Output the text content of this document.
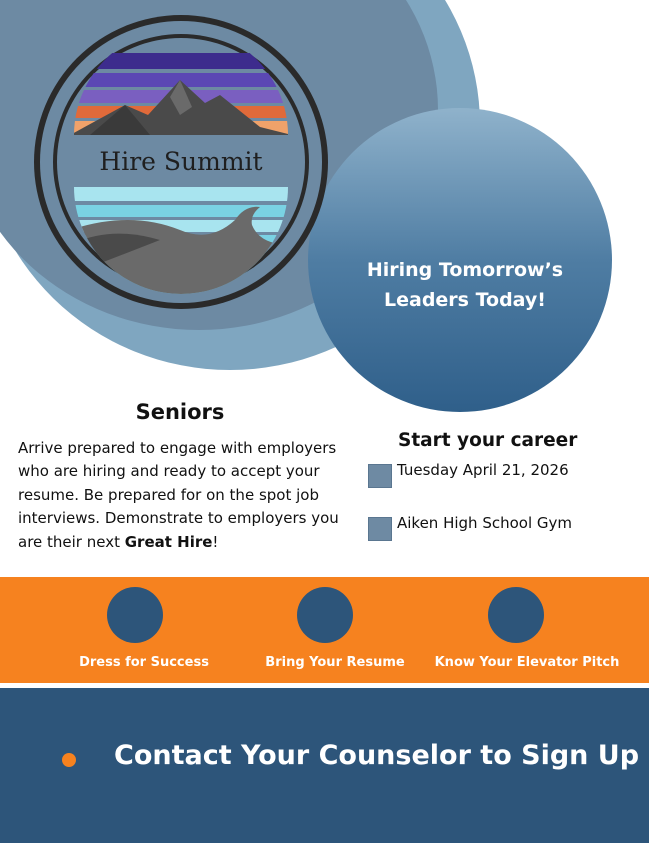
Hiring Tomorrow’s
Leaders Today!
Hire Summit
Seniors
Arrive prepared to engage with employers who are hiring and ready to accept your resume. Be prepared for on the spot job interviews. Demonstrate to employers you are their next Great Hire!
Start your career
Tuesday April 21, 2026
Aiken High School Gym
Dress for Success	Bring Your Resume	Know Your Elevator Pitch
Contact Your Counselor to Sign Up
